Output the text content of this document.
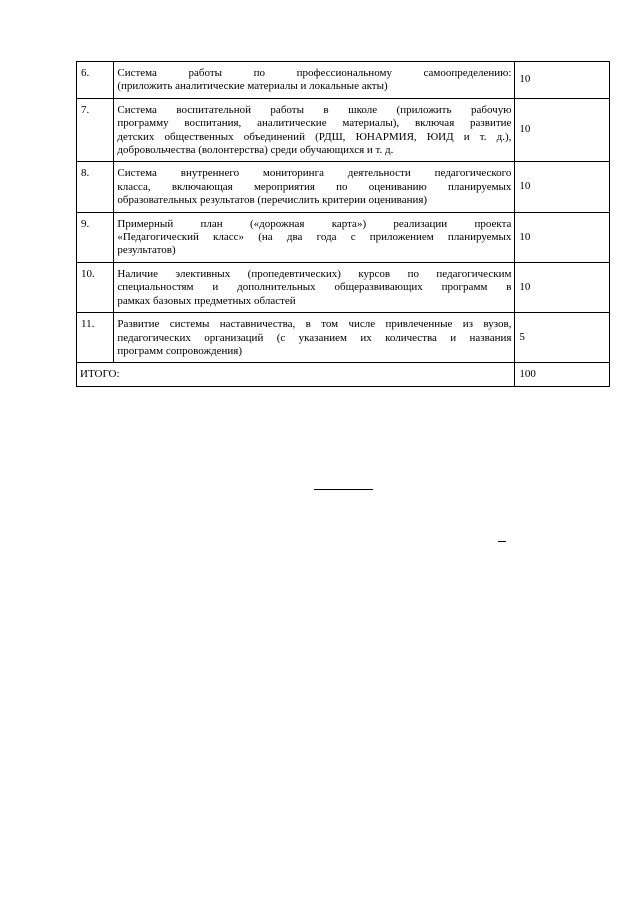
6.	Система работы по профессиональному самоопределению:
(приложить аналитические материалы и локальные акты)	10
7.	Система воспитательной работы в школе (приложить рабочую
программу воспитания, аналитические материалы), включая развитие
детских общественных объединений (РДШ, ЮНАРМИЯ, ЮИД и т. д.),
добровольчества (волонтерства) среди обучающихся и т. д.	10
8.	Система внутреннего мониторинга деятельности педагогического
класса, включающая мероприятия по оцениванию планируемых
образовательных результатов (перечислить критерии оценивания)	10
9.	Примерный план («дорожная карта») реализации проекта
«Педагогический класс» (на два года с приложением планируемых
результатов)	10
10.	Наличие элективных (пропедевтических) курсов по педагогическим
специальностям и дополнительных общеразвивающих программ в
рамках базовых предметных областей	10
11.	Развитие системы наставничества, в том числе привлеченные из вузов,
педагогических организаций (с указанием их количества и названия
программ сопровождения)	5
ИТОГО:		100
